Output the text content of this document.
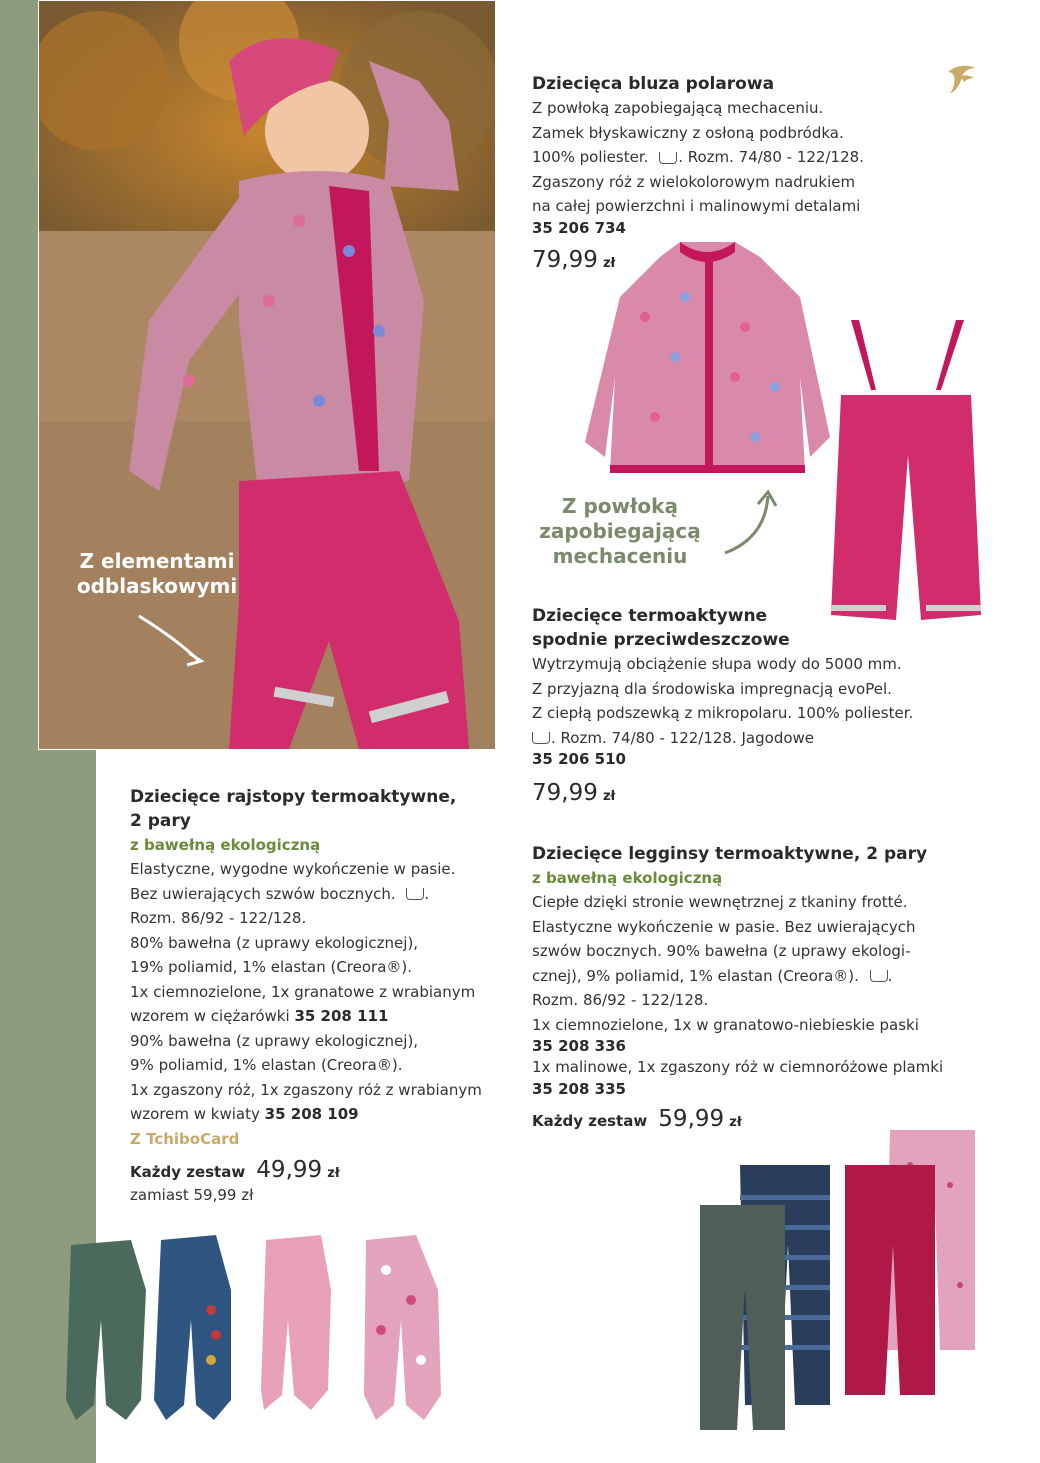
Z elementami
odblaskowymi
Dziecięca bluza polarowa
Z powłoką zapobiegającą mechaceniu.
Zamek błyskawiczny z osłoną podbródka.
100% poliester. . Rozm. 74/80 - 122/128.
Zgaszony róż z wielokolorowym nadrukiem
na całej powierzchni i malinowymi detalami
35 206 734
79,99 zł
Z powłoką
zapobiegającą
mechaceniu
Dziecięce termoaktywne
spodnie przeciwdeszczowe
Wytrzymują obciążenie słupa wody do 5000 mm.
Z przyjazną dla środowiska impregnacją evoPel.
Z ciepłą podszewką z mikropolaru. 100% poliester.
. Rozm. 74/80 - 122/128. Jagodowe
35 206 510
79,99 zł
Dziecięce rajstopy termoaktywne,
2 pary
z bawełną ekologiczną
Elastyczne, wygodne wykończenie w pasie.
Bez uwierających szwów bocznych. .
Rozm. 86/92 - 122/128.
80% bawełna (z uprawy ekologicznej),
19% poliamid, 1% elastan (Creora®).
1x ciemnozielone, 1x granatowe z wrabianym
wzorem w ciężarówki 35 208 111
90% bawełna (z uprawy ekologicznej),
9% poliamid, 1% elastan (Creora®).
1x zgaszony róż, 1x zgaszony róż z wrabianym
wzorem w kwiaty 35 208 109
Z TchiboCard
Każdy zestaw 49,99 zł
zamiast 59,99 zł
Dziecięce legginsy termoaktywne, 2 pary
z bawełną ekologiczną
Ciepłe dzięki stronie wewnętrznej z tkaniny frotté.
Elastyczne wykończenie w pasie. Bez uwierających
szwów bocznych. 90% bawełna (z uprawy ekologi-
cznej), 9% poliamid, 1% elastan (Creora®). .
Rozm. 86/92 - 122/128.
1x ciemnozielone, 1x w granatowo-niebieskie paski
35 208 336
1x malinowe, 1x zgaszony róż w ciemnoróżowe plamki
35 208 335
Każdy zestaw 59,99 zł
